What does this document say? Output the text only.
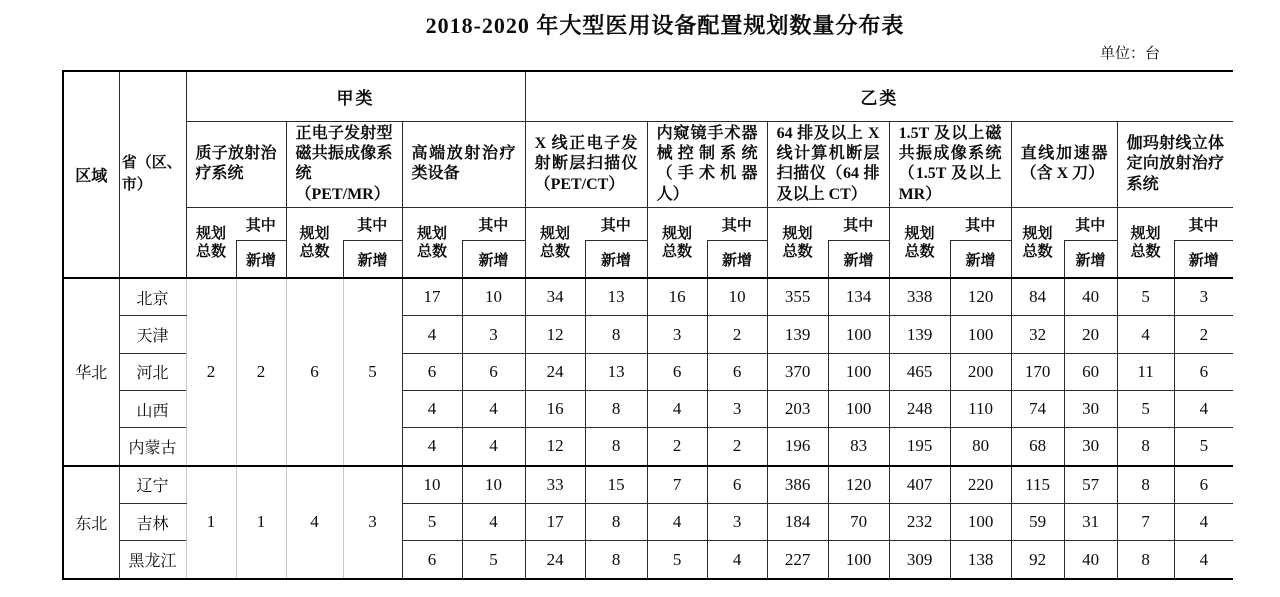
2018-2020 年大型医用设备配置规划数量分布表
单位：台
区域	省（区、市）	甲类						乙类											
		质子放射治疗系统		正电子发射型磁共振成像系统（PET/MR）		高端放射治疗类设备		X 线正电子发射断层扫描仪（PET/CT）		内窥镜手术器械控制系统（手术机器人）		64 排及以上 X 线计算机断层扫描仪（64 排及以上 CT）		1.5T 及以上磁共振成像系统（1.5T 及以上 MR）		直线加速器（含 X 刀）		伽玛射线立体定向放射治疗系统	
		规划总数	其中	规划总数	其中	规划总数	其中	规划总数	其中	规划总数	其中	规划总数	其中	规划总数	其中	规划总数	其中	规划总数	其中
			新增		新增		新增		新增		新增		新增		新增		新增		新增
华北	北京	2	2	6	5	17	10	34	13	16	10	355	134	338	120	84	40	5	3
	天津					4	3	12	8	3	2	139	100	139	100	32	20	4	2
	河北					6	6	24	13	6	6	370	100	465	200	170	60	11	6
	山西					4	4	16	8	4	3	203	100	248	110	74	30	5	4
	内蒙古					4	4	12	8	2	2	196	83	195	80	68	30	8	5
东北	辽宁	1	1	4	3	10	10	33	15	7	6	386	120	407	220	115	57	8	6
	吉林					5	4	17	8	4	3	184	70	232	100	59	31	7	4
	黑龙江					6	5	24	8	5	4	227	100	309	138	92	40	8	4
